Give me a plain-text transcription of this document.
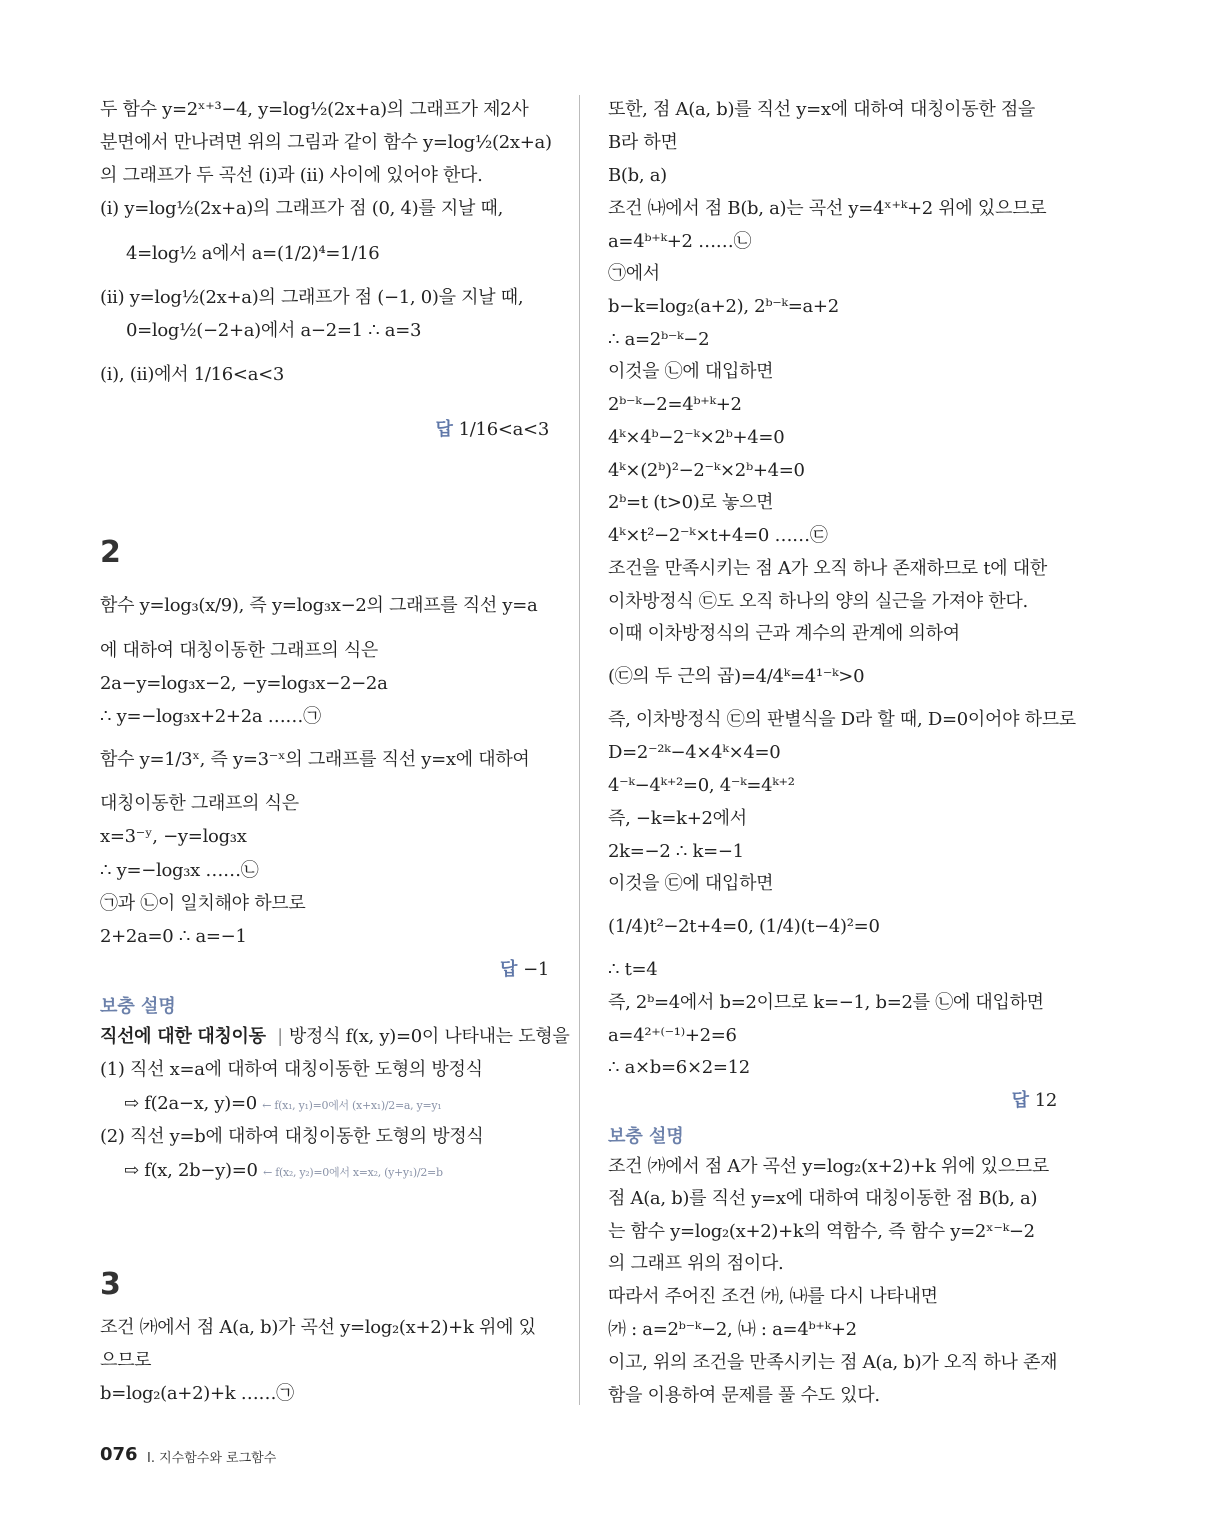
두 함수 y=2ˣ⁺³−4, y=log½(2x+a)의 그래프가 제2사
분면에서 만나려면 위의 그림과 같이 함수 y=log½(2x+a)
의 그래프가 두 곡선 (i)과 (ii) 사이에 있어야 한다.
(i) y=log½(2x+a)의 그래프가 점 (0, 4)를 지날 때,
4=log½ a에서 a=(1/2)⁴=1/16
(ii) y=log½(2x+a)의 그래프가 점 (−1, 0)을 지날 때,
0=log½(−2+a)에서 a−2=1 ∴ a=3
(i), (ii)에서 1/16<a<3
답 1/16<a<3
2
함수 y=log₃(x/9), 즉 y=log₃x−2의 그래프를 직선 y=a
에 대하여 대칭이동한 그래프의 식은
2a−y=log₃x−2, −y=log₃x−2−2a
∴ y=−log₃x+2+2a ……㉠
함수 y=1/3ˣ, 즉 y=3⁻ˣ의 그래프를 직선 y=x에 대하여
대칭이동한 그래프의 식은
x=3⁻ʸ, −y=log₃x
∴ y=−log₃x ……㉡
㉠과 ㉡이 일치해야 하므로
2+2a=0 ∴ a=−1
답 −1
보충 설명
직선에 대한 대칭이동 | 방정식 f(x, y)=0이 나타내는 도형을
(1) 직선 x=a에 대하여 대칭이동한 도형의 방정식
⇨ f(2a−x, y)=0 ← f(x₁, y₁)=0에서 (x+x₁)/2=a, y=y₁
(2) 직선 y=b에 대하여 대칭이동한 도형의 방정식
⇨ f(x, 2b−y)=0 ← f(x₂, y₂)=0에서 x=x₂, (y+y₁)/2=b
3
조건 ㈎에서 점 A(a, b)가 곡선 y=log₂(x+2)+k 위에 있
으므로
b=log₂(a+2)+k ……㉠
또한, 점 A(a, b)를 직선 y=x에 대하여 대칭이동한 점을
B라 하면
B(b, a)
조건 ㈏에서 점 B(b, a)는 곡선 y=4ˣ⁺ᵏ+2 위에 있으므로
a=4ᵇ⁺ᵏ+2 ……㉡
㉠에서
b−k=log₂(a+2), 2ᵇ⁻ᵏ=a+2
∴ a=2ᵇ⁻ᵏ−2
이것을 ㉡에 대입하면
2ᵇ⁻ᵏ−2=4ᵇ⁺ᵏ+2
4ᵏ×4ᵇ−2⁻ᵏ×2ᵇ+4=0
4ᵏ×(2ᵇ)²−2⁻ᵏ×2ᵇ+4=0
2ᵇ=t (t>0)로 놓으면
4ᵏ×t²−2⁻ᵏ×t+4=0 ……㉢
조건을 만족시키는 점 A가 오직 하나 존재하므로 t에 대한
이차방정식 ㉢도 오직 하나의 양의 실근을 가져야 한다.
이때 이차방정식의 근과 계수의 관계에 의하여
(㉢의 두 근의 곱)=4/4ᵏ=4¹⁻ᵏ>0
즉, 이차방정식 ㉢의 판별식을 D라 할 때, D=0이어야 하므로
D=2⁻²ᵏ−4×4ᵏ×4=0
4⁻ᵏ−4ᵏ⁺²=0, 4⁻ᵏ=4ᵏ⁺²
즉, −k=k+2에서
2k=−2 ∴ k=−1
이것을 ㉢에 대입하면
(1/4)t²−2t+4=0, (1/4)(t−4)²=0
∴ t=4
즉, 2ᵇ=4에서 b=2이므로 k=−1, b=2를 ㉡에 대입하면
a=4²⁺⁽⁻¹⁾+2=6
∴ a×b=6×2=12
답 12
보충 설명
조건 ㈎에서 점 A가 곡선 y=log₂(x+2)+k 위에 있으므로
점 A(a, b)를 직선 y=x에 대하여 대칭이동한 점 B(b, a)
는 함수 y=log₂(x+2)+k의 역함수, 즉 함수 y=2ˣ⁻ᵏ−2
의 그래프 위의 점이다.
따라서 주어진 조건 ㈎, ㈏를 다시 나타내면
㈎ : a=2ᵇ⁻ᵏ−2, ㈏ : a=4ᵇ⁺ᵏ+2
이고, 위의 조건을 만족시키는 점 A(a, b)가 오직 하나 존재
함을 이용하여 문제를 풀 수도 있다.
076 I. 지수함수와 로그함수
